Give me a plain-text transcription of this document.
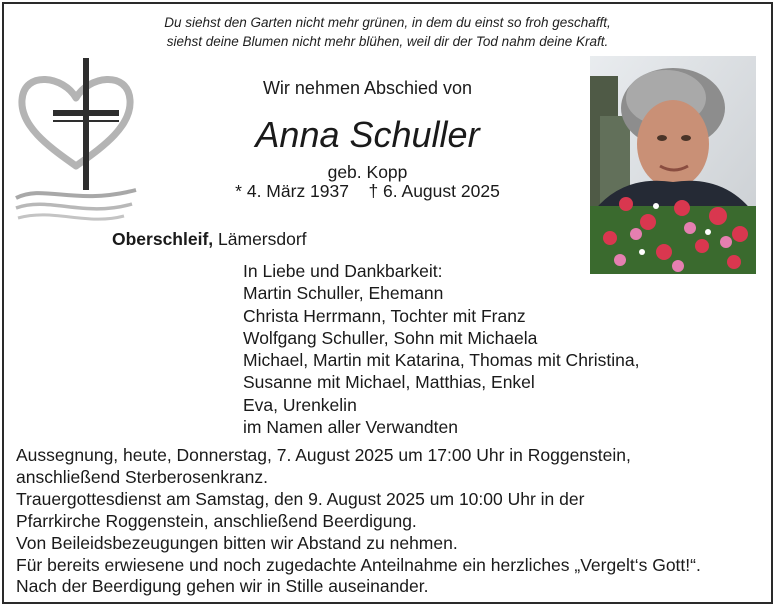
Du siehst den Garten nicht mehr grünen, in dem du einst so froh geschafft,
siehst deine Blumen nicht mehr blühen, weil dir der Tod nahm deine Kraft.
Wir nehmen Abschied von
Anna Schuller
geb. Kopp
* 4. März 1937 † 6. August 2025
Oberschleif, Lämersdorf
In Liebe und Dankbarkeit:
Martin Schuller, Ehemann
Christa Herrmann, Tochter mit Franz
Wolfgang Schuller, Sohn mit Michaela
Michael, Martin mit Katarina, Thomas mit Christina,
Susanne mit Michael, Matthias, Enkel
Eva, Urenkelin
im Namen aller Verwandten
Aussegnung, heute, Donnerstag, 7. August 2025 um 17:00 Uhr in Roggenstein,
anschließend Sterberosenkranz.
Trauergottesdienst am Samstag, den 9. August 2025 um 10:00 Uhr in der
Pfarrkirche Roggenstein, anschließend Beerdigung.
Von Beileidsbezeugungen bitten wir Abstand zu nehmen.
Für bereits erwiesene und noch zugedachte Anteilnahme ein herzliches „Vergelt‘s Gott!“.
Nach der Beerdigung gehen wir in Stille auseinander.
